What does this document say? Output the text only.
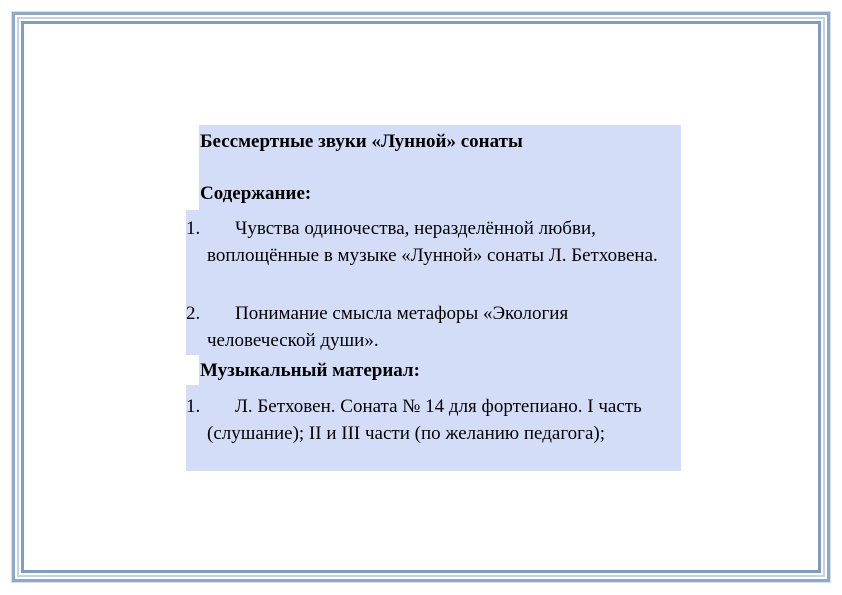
Бессмертные звуки «Лунной» сонаты
Содержание:
1.	Чувства одиночества, неразделённой любви, воплощённые в музыке «Лунной» сонаты Л. Бетховена.
2.	Понимание смысла метафоры «Экология человеческой души».
Музыкальный материал:
1.	Л. Бетховен. Соната № 14 для фортепиано. I часть (слушание); II и III части (по желанию педагога);
